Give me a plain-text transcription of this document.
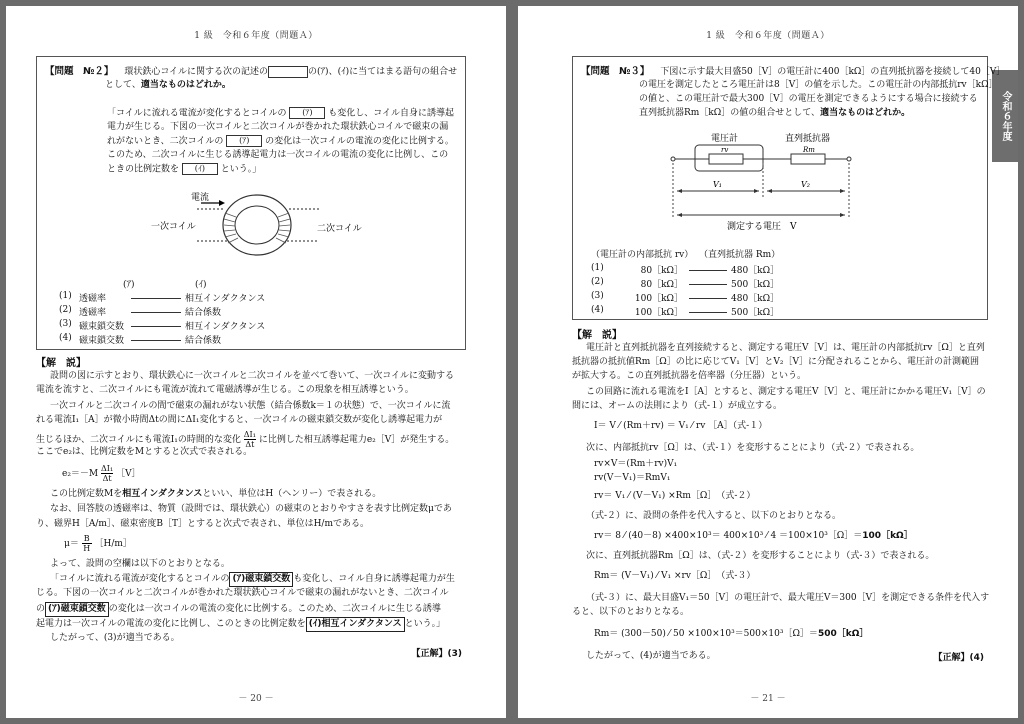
1 級　令和６年度（問題Ａ）
【問題　№２】 環状鉄心コイルに関する次の記述の	の(ｱ)、(ｲ)に当てはまる語句の組合せ
として、適当なものはどれか。
「コイルに流れる電流が変化するとコイルの (ｱ) も変化し、コイル自身に誘導起
電力が生じる。下図の一次コイルと二次コイルが巻かれた環状鉄心コイルで磁束の漏
れがないとき、二次コイルの (ｱ) の変化は一次コイルの電流の変化に比例する。
このため、二次コイルに生じる誘導起電力は一次コイルの電流の変化に比例し、この
ときの比例定数を (ｲ) という。」
電流
一次コイル	二次コイル
(ｱ)	(ｲ)
(1) 透磁率	相互インダクタンス
(2) 透磁率	結合係数
(3) 磁束鎖交数	相互インダクタンス
(4) 磁束鎖交数	結合係数
【解　説】
設問の図に示すとおり、環状鉄心に一次コイルと二次コイルを並べて巻いて、一次コイルに変動する
電流を流すと、二次コイルにも電流が流れて電磁誘導が生じる。この現象を相互誘導という。
一次コイルと二次コイルの間で磁束の漏れがない状態（結合係数k＝１の状態）で、一次コイルに流
れる電流I₁［A］が微小時間Δtの間にΔI₁変化すると、一次コイルの磁束鎖交数が変化し誘導起電力が
生じるほか、二次コイルにも電流I₁の時間的な変化 $\frac{\text{ΔI₁}}{\Delta t}$ に比例した相互誘導起電力e₂［V］が発生する。
ここでe₂は、比例定数をMとすると次式で表される。
$e_2=-M \frac{\text{ΔI₁}}{\Delta t}$ ［V］
この比例定数Mを相互インダクタンスといい、単位はH（ヘンリー）で表される。
なお、回答肢の透磁率は、物質（設問では、環状鉄心）の磁束のとおりやすさを表す比例定数μであ
り、磁界H［A/m］、磁束密度B［T］とすると次式で表され、単位はH/mである。
$\mu= \frac{B}{H}$ ［H/m］
よって、設問の空欄は以下のとおりとなる。
「コイルに流れる電流が変化するとコイルの (ｱ)磁束鎖交数 も変化し、コイル自身に誘導起電力が生
じる。下図の一次コイルと二次コイルが巻かれた環状鉄心コイルで磁束の漏れがないとき、二次コイル
の (ｱ)磁束鎖交数 の変化は一次コイルの電流の変化に比例する。このため、二次コイルに生じる誘導
起電力は一次コイルの電流の変化に比例し、このときの比例定数を (ｲ)相互インダクタンス という。」
したがって、(3)が適当である。
【正解】(3)
－ 20 －
1 級　令和６年度（問題Ａ）
令和６年度
【問題　№３】 下図に示す最大目盛50［V］の電圧計に400［kΩ］の直列抵抗器を接続して40［V］
の電圧を測定したところ電圧計は8［V］の値を示した。この電圧計の内部抵抗rv［kΩ］
の値と、この電圧計で最大300［V］の電圧を測定できるようにする場合に接続する
直列抵抗器Rm［kΩ］の値の組合せとして、適当なものはどれか。
電圧計	直列抵抗器
rv	Rm
V₁	V₂
測定する電圧　V
（電圧計の内部抵抗 rv） （直列抵抗器 Rm）
(1)	80［kΩ］	480［kΩ］
(2)	80［kΩ］	500［kΩ］
(3)	100［kΩ］	480［kΩ］
(4)	100［kΩ］	500［kΩ］
【解　説】
電圧計と直列抵抗器を直列接続すると、測定する電圧V［V］は、電圧計の内部抵抗rv［Ω］と直列
抵抗器の抵抗値Rm［Ω］の比に応じてV₁［V］とV₂［V］に分配されることから、電圧計の計測範囲
が拡大する。この直列抵抗器を倍率器（分圧器）という。
この回路に流れる電流をI［A］とすると、測定する電圧V［V］と、電圧計にかかる電圧V₁［V］の
間には、オームの法則により（式-１）が成立する。
I＝ V ⁄ (Rm＋rv) ＝ V₁ ⁄ rv ［A］（式-１）
次に、内部抵抗rv［Ω］は、（式-１）を変形することにより（式-２）で表される。
rv×V＝(Rm＋rv)V₁
rv(V－V₁)＝RmV₁
rv＝ V₁ ⁄ (V－V₁) ×Rm［Ω］　（式-２）
（式-２）に、設問の条件を代入すると、以下のとおりとなる。
rv＝ 8 ⁄ (40－8) ×400×10³＝ 400×10³ ⁄ 4 ＝100×10³［Ω］＝100［kΩ］
次に、直列抵抗器Rm［Ω］は、（式-２）を変形することにより（式-３）で表される。
Rm＝ (V－V₁) ⁄ V₁ ×rv［Ω］　（式-３）
（式-３）に、最大目盛V₁＝50［V］の電圧計で、最大電圧V＝300［V］を測定できる条件を代入す
ると、以下のとおりとなる。
Rm＝ (300－50) ⁄ 50 ×100×10³＝500×10³［Ω］＝500［kΩ］
したがって、(4)が適当である。	【正解】(4)
－ 21 －
